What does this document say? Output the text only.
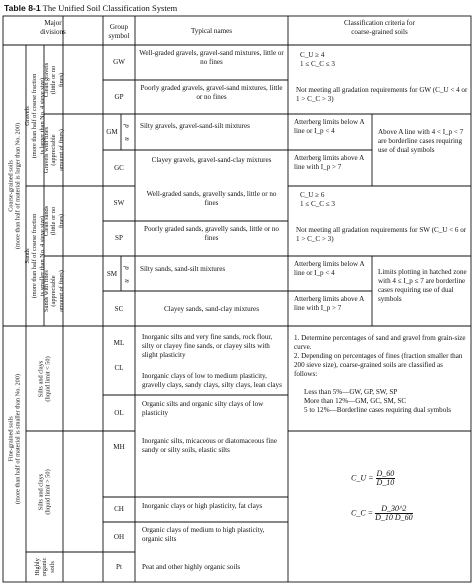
Table 8-1 The Unified Soil Classification System
Major
divisions
Group
symbol
Typical names
Classification criteria for
coarse-grained soils
Coarse-grained soils
(more than half of material is larger than No. 200)
Gravels
(more than half of coarse fraction
is larger than No. 4 sieve size)
Sands
(more than half of coarse fraction
is smaller than No. 4 sieve size)
Clean gravels
(little or no
fines)
Gravels with fines
(appreciable
amount of fines)
Clean sands
(little or no
fines)
Sands with fines
(appreciable
amount of fines)
Fine-grained soils
(more than half of material is smaller than No. 200)
Silts and clays
(liquid limit < 50)
Silts and clays
(liquid limit > 50)
Highly
organic
soils
d
u
d
u
GW
GP
GM
GC
SW
SP
SM
SC
ML
CL
OL
MH
CH
OH
Pt
Well-graded gravels, gravel-sand mixtures, little or no fines
Poorly graded gravels, gravel-sand mixtures, little or no fines
Silty gravels, gravel-sand-silt mixtures
Clayey gravels, gravel-sand-clay mixtures
Well-graded sands, gravelly sands, little or no fines
Poorly graded sands, gravelly sands, little or no fines
Silty sands, sand-silt mixtures
Clayey sands, sand-clay mixtures
Inorganic silts and very fine sands, rock flour, silty or clayey fine sands, or clayey silts with slight plasticity
Inorganic clays of low to medium plasticity, gravelly clays, sandy clays, silty clays, lean clays
Organic silts and organic silty clays of low plasticity
Inorganic silts, micaceous or diatomaceous fine sandy or silty soils, elastic silts
Inorganic clays or high plasticity, fat clays
Organic clays of medium to high plasticity, organic silts
Peat and other highly organic soils
C_U ≥ 4
1 ≤ C_C ≤ 3
Not meeting all gradation requirements for GW (C_U < 4 or 1 > C_C > 3)
Atterberg limits below A line or I_p < 4
Atterberg limits above A line with I_p > 7
Above A line with 4 < I_p < 7 are borderline cases requiring use of dual symbols
C_U ≥ 6
1 ≤ C_C ≤ 3
Not meeting all gradation requirements for SW (C_U < 6 or 1 > C_C > 3)
Atterberg limits below A line or I_p < 4
Atterberg limits above A line with I_p > 7
Limits plotting in hatched zone with 4 ≤ I_p ≤ 7 are borderline cases requiring use of dual symbols
1. Determine percentages of sand and gravel from grain-size curve.
2. Depending on percentages of fines (fraction smaller than 200 sieve size), coarse-grained soils are classified as follows:
Less than 5%—GW, GP, SW, SP
More than 12%—GM, GC, SM, SC
5 to 12%—Borderline cases requiring dual symbols
C_U = $\frac{D\_60}{D\_10}$
C_C = $\frac{D\_30\^{}2}{D\_10 D\_60}$
